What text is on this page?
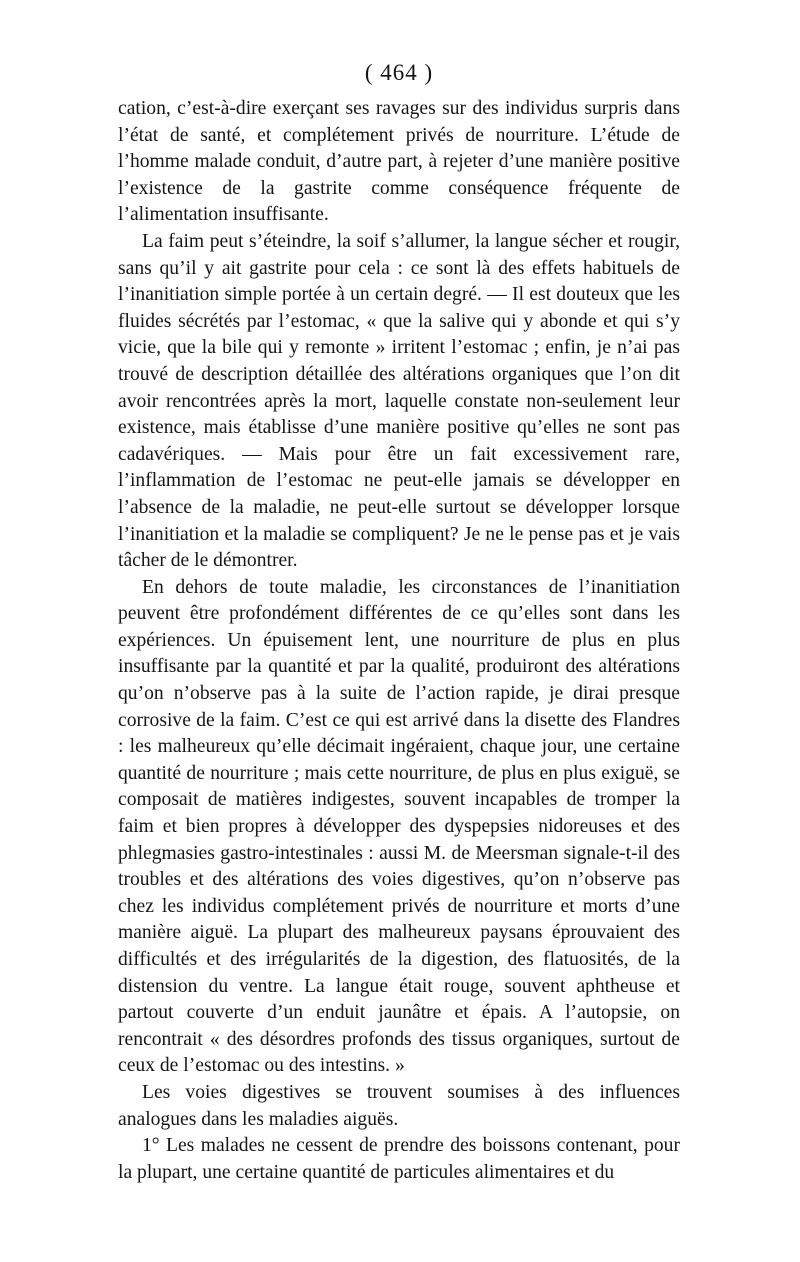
( 464 )

cation, c’est-à-dire exerçant ses ravages sur des individus surpris dans l’état de santé, et complétement privés de nourriture. L’étude de l’homme malade conduit, d’autre part, à rejeter d’une manière positive l’existence de la gastrite comme conséquence fréquente de l’alimentation insuffisante.

La faim peut s’éteindre, la soif s’allumer, la langue sécher et rougir, sans qu’il y ait gastrite pour cela : ce sont là des effets habituels de l’inanitiation simple portée à un certain degré. — Il est douteux que les fluides sécrétés par l’estomac, « que la salive qui y abonde et qui s’y vicie, que la bile qui y remonte » irritent l’estomac ; enfin, je n’ai pas trouvé de description détaillée des altérations organiques que l’on dit avoir rencontrées après la mort, laquelle constate non-seulement leur existence, mais établisse d’une manière positive qu’elles ne sont pas cadavériques. — Mais pour être un fait excessivement rare, l’inflammation de l’estomac ne peut-elle jamais se développer en l’absence de la maladie, ne peut-elle surtout se développer lorsque l’inanitiation et la maladie se compliquent? Je ne le pense pas et je vais tâcher de le démontrer.

En dehors de toute maladie, les circonstances de l’inanitiation peuvent être profondément différentes de ce qu’elles sont dans les expériences. Un épuisement lent, une nourriture de plus en plus insuffisante par la quantité et par la qualité, produiront des altérations qu’on n’observe pas à la suite de l’action rapide, je dirai presque corrosive de la faim. C’est ce qui est arrivé dans la disette des Flandres : les malheureux qu’elle décimait ingéraient, chaque jour, une certaine quantité de nourriture ; mais cette nourriture, de plus en plus exiguë, se composait de matières indigestes, souvent incapables de tromper la faim et bien propres à développer des dyspepsies nidoreuses et des phlegmasies gastro-intestinales : aussi M. de Meersman signale-t-il des troubles et des altérations des voies digestives, qu’on n’observe pas chez les individus complétement privés de nourriture et morts d’une manière aiguë. La plupart des malheureux paysans éprouvaient des difficultés et des irrégularités de la digestion, des flatuosités, de la distension du ventre. La langue était rouge, souvent aphtheuse et partout couverte d’un enduit jaunâtre et épais. A l’autopsie, on rencontrait « des désordres profonds des tissus organiques, surtout de ceux de l’estomac ou des intestins. »

Les voies digestives se trouvent soumises à des influences analogues dans les maladies aiguës.

1° Les malades ne cessent de prendre des boissons contenant, pour la plupart, une certaine quantité de particules alimentaires et du
